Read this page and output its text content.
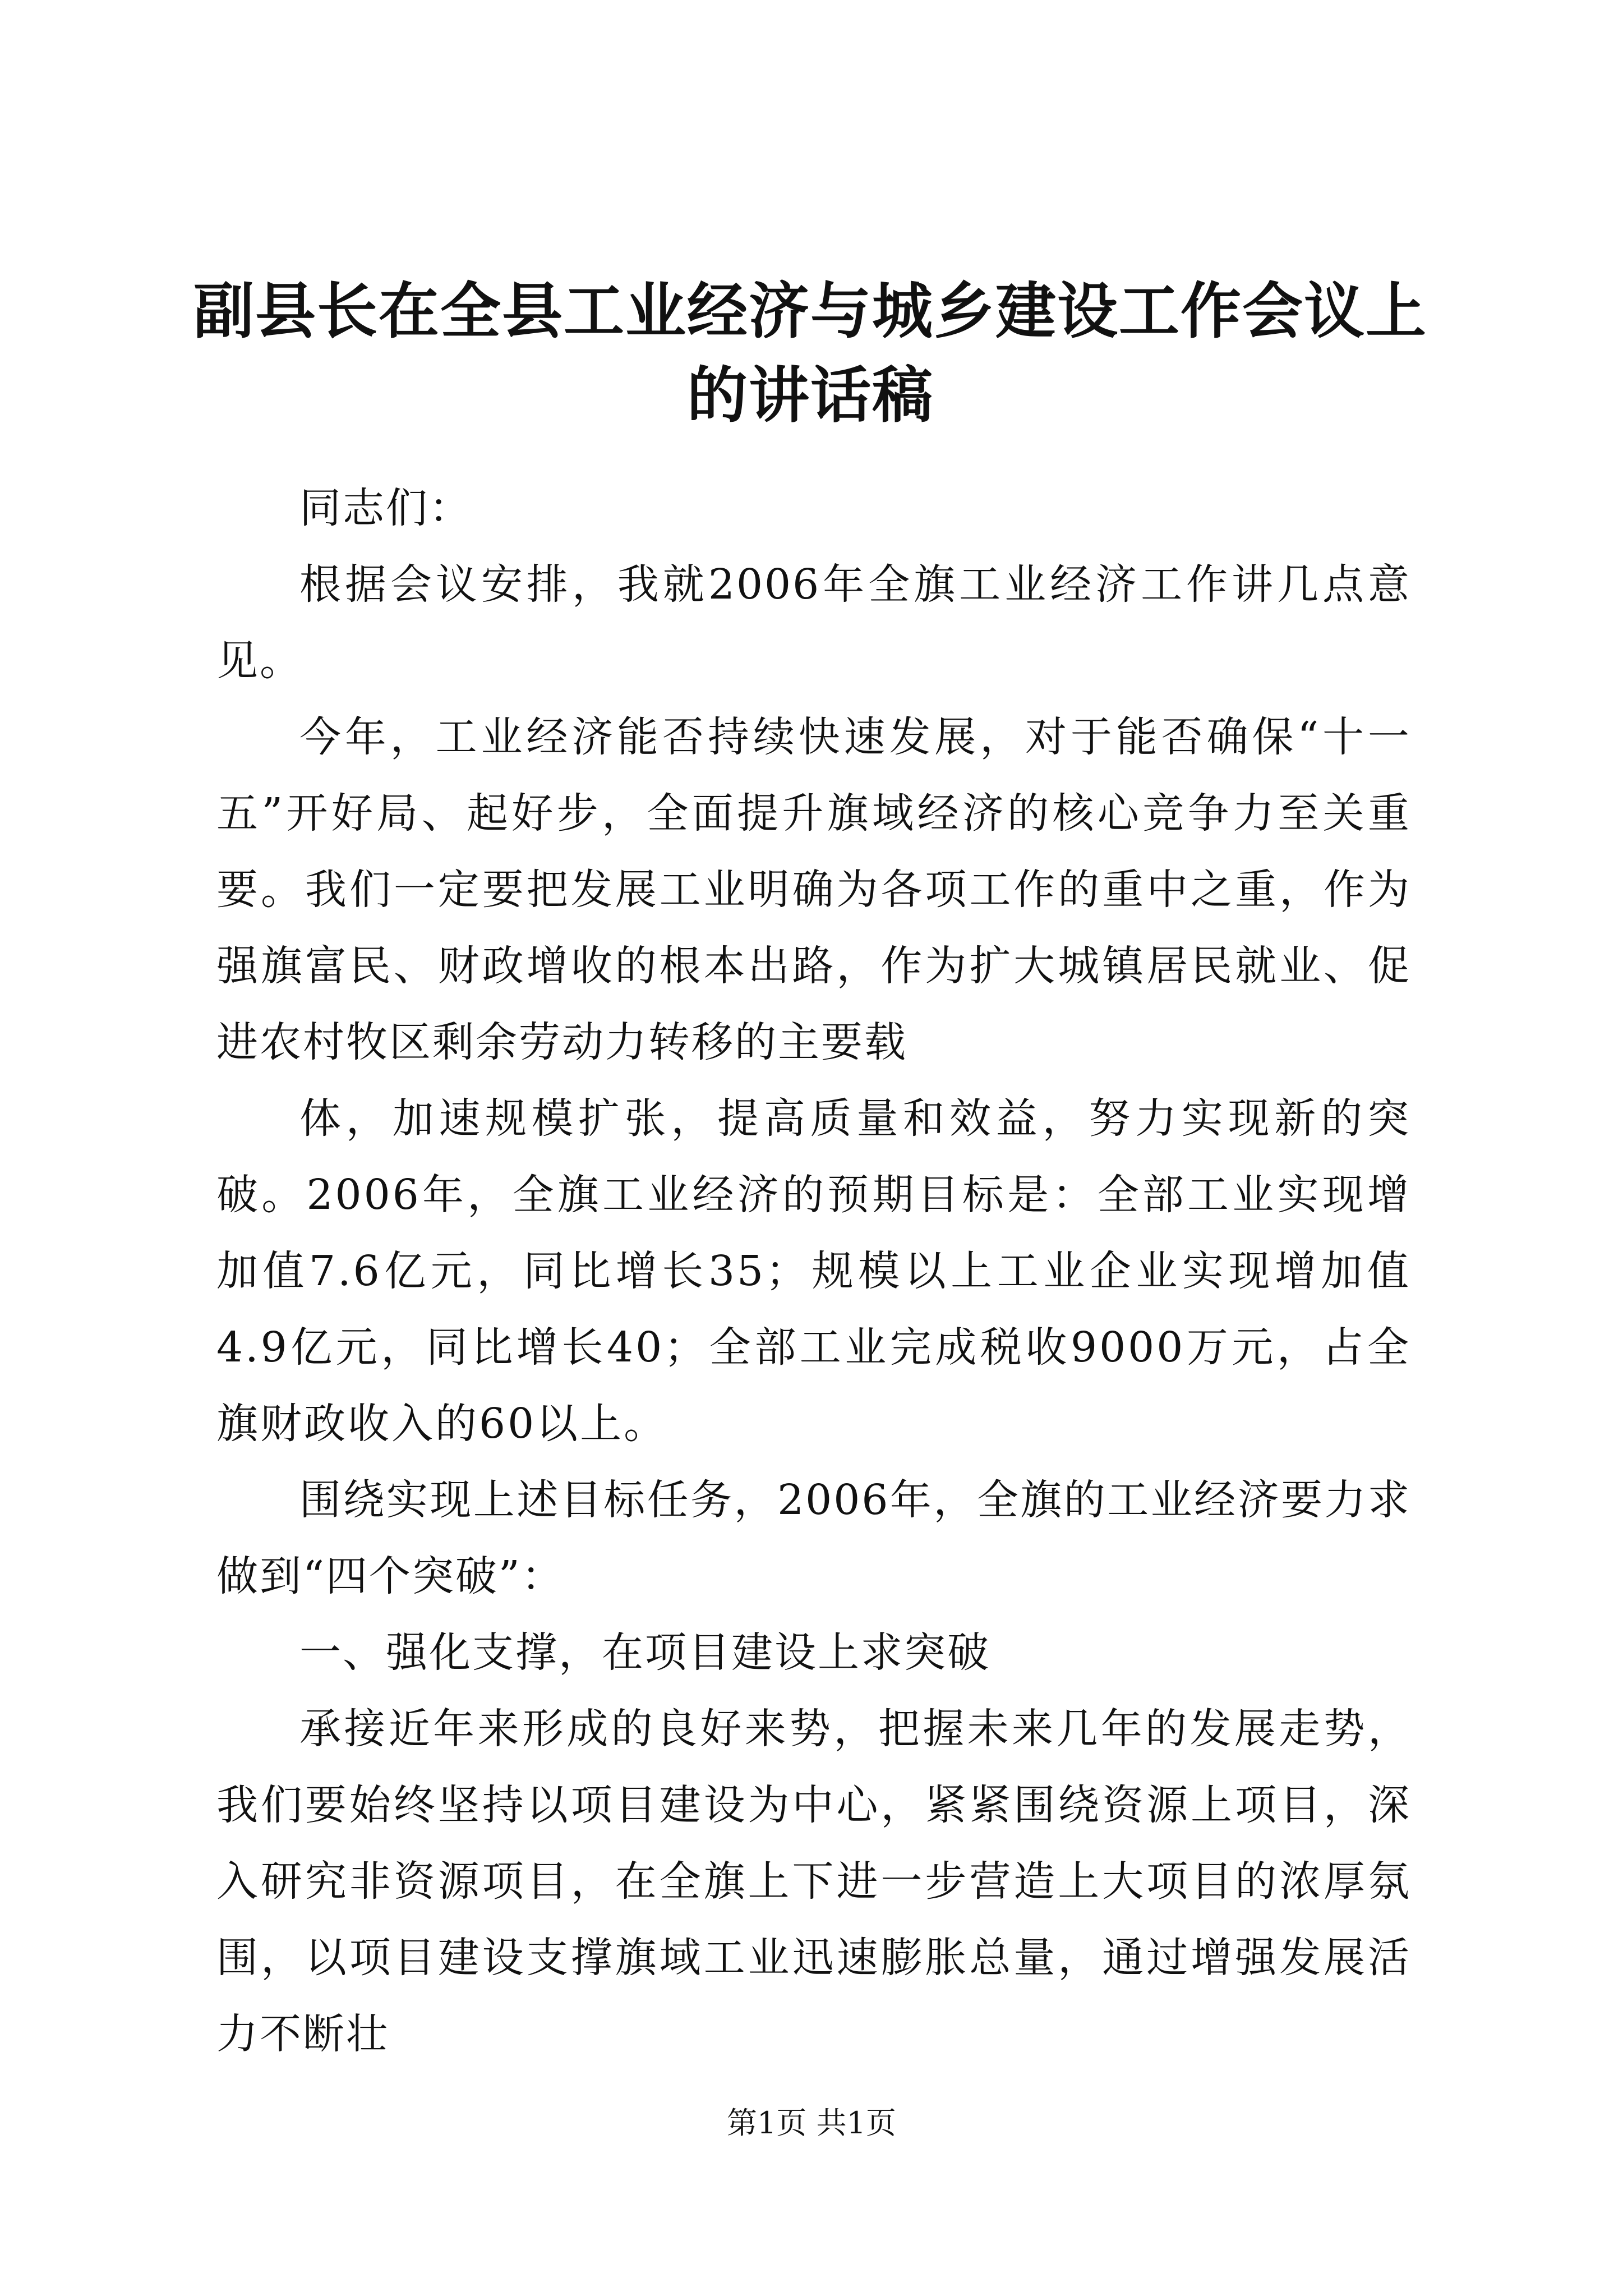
副县长在全县工业经济与城乡建设工作会议上
的讲话稿

同志们：

根据会议安排，我就2006年全旗工业经济工作讲几点意见。

今年，工业经济能否持续快速发展，对于能否确保“十一五”开好局、起好步，全面提升旗域经济的核心竞争力至关重要。我们一定要把发展工业明确为各项工作的重中之重，作为强旗富民、财政增收的根本出路，作为扩大城镇居民就业、促进农村牧区剩余劳动力转移的主要载

体，加速规模扩张，提高质量和效益，努力实现新的突破。2006年，全旗工业经济的预期目标是：全部工业实现增加值7.6亿元，同比增长35；规模以上工业企业实现增加值4.9亿元，同比增长40；全部工业完成税收9000万元，占全旗财政收入的60以上。

围绕实现上述目标任务，2006年，全旗的工业经济要力求做到“四个突破”：

一、强化支撑，在项目建设上求突破

承接近年来形成的良好来势，把握未来几年的发展走势，我们要始终坚持以项目建设为中心，紧紧围绕资源上项目，深入研究非资源项目，在全旗上下进一步营造上大项目的浓厚氛围，以项目建设支撑旗域工业迅速膨胀总量，通过增强发展活力不断壮

第1页 共1页
